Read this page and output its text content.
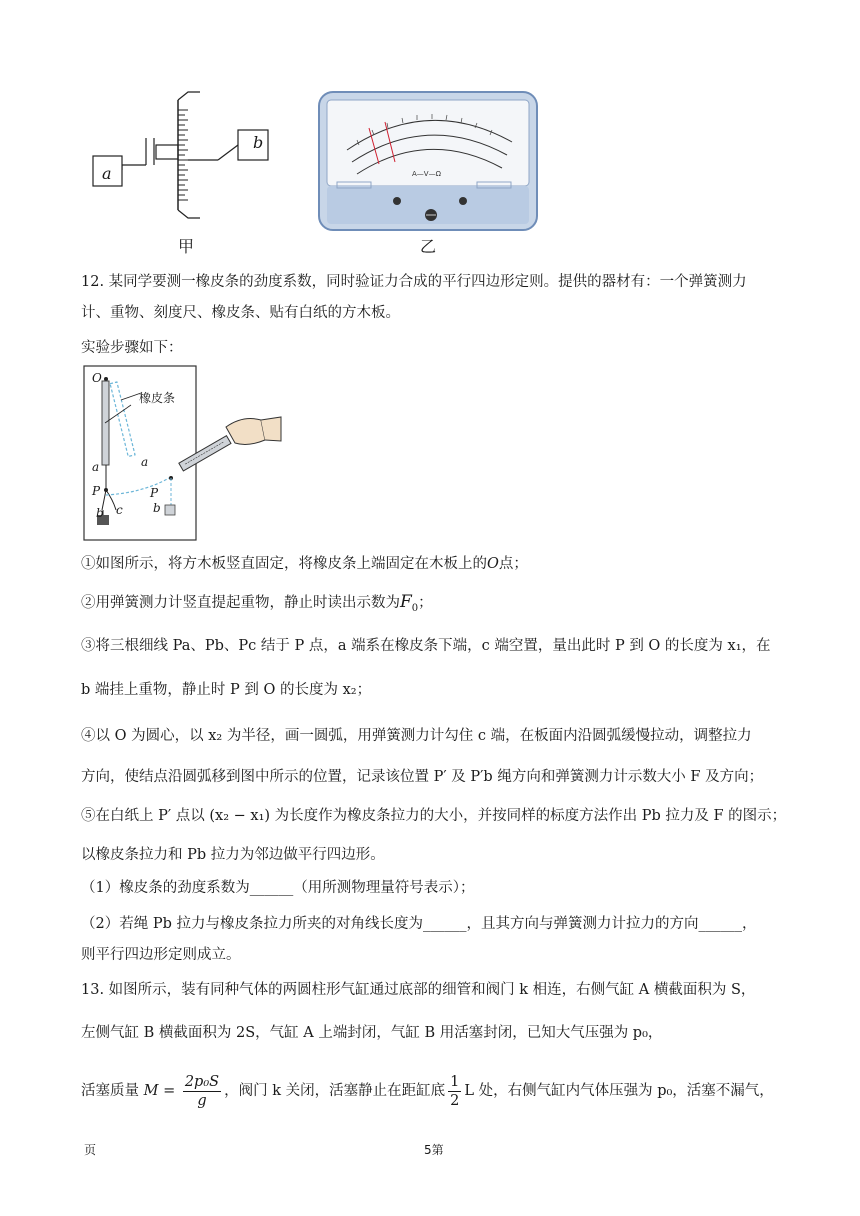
a
b
甲
A—V—Ω
乙
12. 某同学要测一橡皮条的劲度系数，同时验证力合成的平行四边形定则。提供的器材有：一个弹簧测力
计、重物、刻度尺、橡皮条、贴有白纸的方木板。
实验步骤如下：
O
橡皮条
a	a
P	P
b c	b
①如图所示，将方木板竖直固定，将橡皮条上端固定在木板上的O点；
②用弹簧测力计竖直提起重物，静止时读出示数为$F_0$；
③将三根细线 Pa、Pb、Pc 结于 P 点，a 端系在橡皮条下端，c 端空置，量出此时 P 到 O 的长度为 x₁，在
b 端挂上重物，静止时 P 到 O 的长度为 x₂；
④以 O 为圆心，以 x₂ 为半径，画一圆弧，用弹簧测力计勾住 c 端，在板面内沿圆弧缓慢拉动，调整拉力
方向，使结点沿圆弧移到图中所示的位置，记录该位置 P′ 及 P′b 绳方向和弹簧测力计示数大小 F 及方向；
⑤在白纸上 P′ 点以 (x₂ − x₁) 为长度作为橡皮条拉力的大小，并按同样的标度方法作出 Pb 拉力及 F 的图示；
以橡皮条拉力和 Pb 拉力为邻边做平行四边形。
（1）橡皮条的劲度系数为______（用所测物理量符号表示）；
（2）若绳 Pb 拉力与橡皮条拉力所夹的对角线长度为______，且其方向与弹簧测力计拉力的方向______，
则平行四边形定则成立。
13. 如图所示，装有同种气体的两圆柱形气缸通过底部的细管和阀门 k 相连，右侧气缸 A 横截面积为 S，
左侧气缸 B 横截面积为 2S，气缸 A 上端封闭，气缸 B 用活塞封闭，已知大气压强为 p₀，
活塞质量 $M = \frac{\text{2p₀S}}{g}$ ，阀门 k 关闭，活塞静止在距缸底 $\frac{1}{2}$ L 处，右侧气缸内气体压强为 p₀，活塞不漏气，
页	5第
